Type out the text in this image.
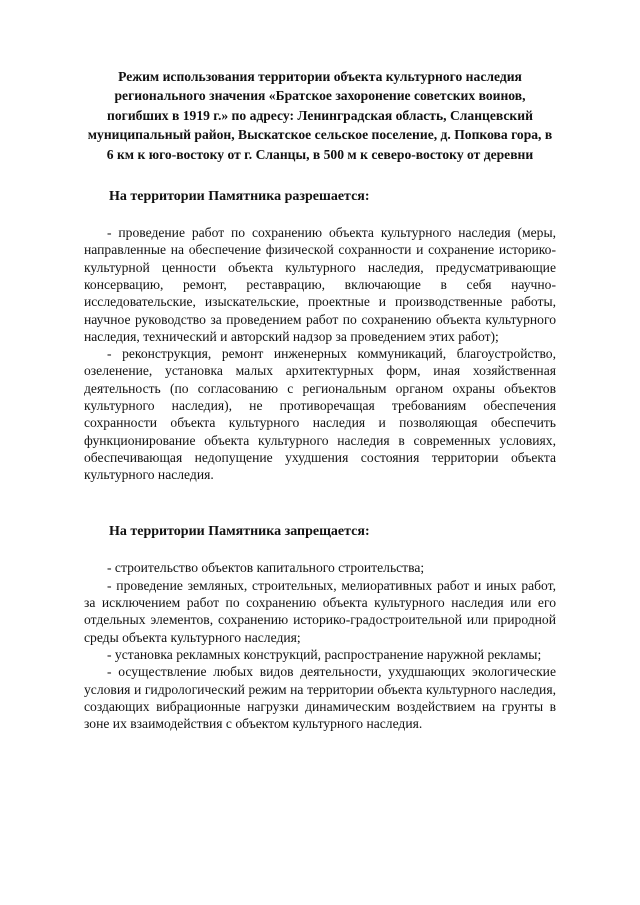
Режим использования территории объекта культурного наследия регионального значения «Братское захоронение советских воинов, погибших в 1919 г.» по адресу: Ленинградская область, Сланцевский муниципальный район, Выскатское сельское поселение, д. Попкова гора, в 6 км к юго-востоку от г. Сланцы, в 500 м к северо-востоку от деревни

На территории Памятника разрешается:

- проведение работ по сохранению объекта культурного наследия (меры, направленные на обеспечение физической сохранности и сохранение историко-культурной ценности объекта культурного наследия, предусматривающие консервацию, ремонт, реставрацию, включающие в себя научно-исследовательские, изыскательские, проектные и производственные работы, научное руководство за проведением работ по сохранению объекта культурного наследия, технический и авторский надзор за проведением этих работ);

- реконструкция, ремонт инженерных коммуникаций, благоустройство, озеленение, установка малых архитектурных форм, иная хозяйственная деятельность (по согласованию с региональным органом охраны объектов культурного наследия), не противоречащая требованиям обеспечения сохранности объекта культурного наследия и позволяющая обеспечить функционирование объекта культурного наследия в современных условиях, обеспечивающая недопущение ухудшения состояния территории объекта культурного наследия.

На территории Памятника запрещается:

- строительство объектов капитального строительства;

- проведение земляных, строительных, мелиоративных работ и иных работ, за исключением работ по сохранению объекта культурного наследия или его отдельных элементов, сохранению историко-градостроительной или природной среды объекта культурного наследия;

- установка рекламных конструкций, распространение наружной рекламы;

- осуществление любых видов деятельности, ухудшающих экологические условия и гидрологический режим на территории объекта культурного наследия, создающих вибрационные нагрузки динамическим воздействием на грунты в зоне их взаимодействия с объектом культурного наследия.
